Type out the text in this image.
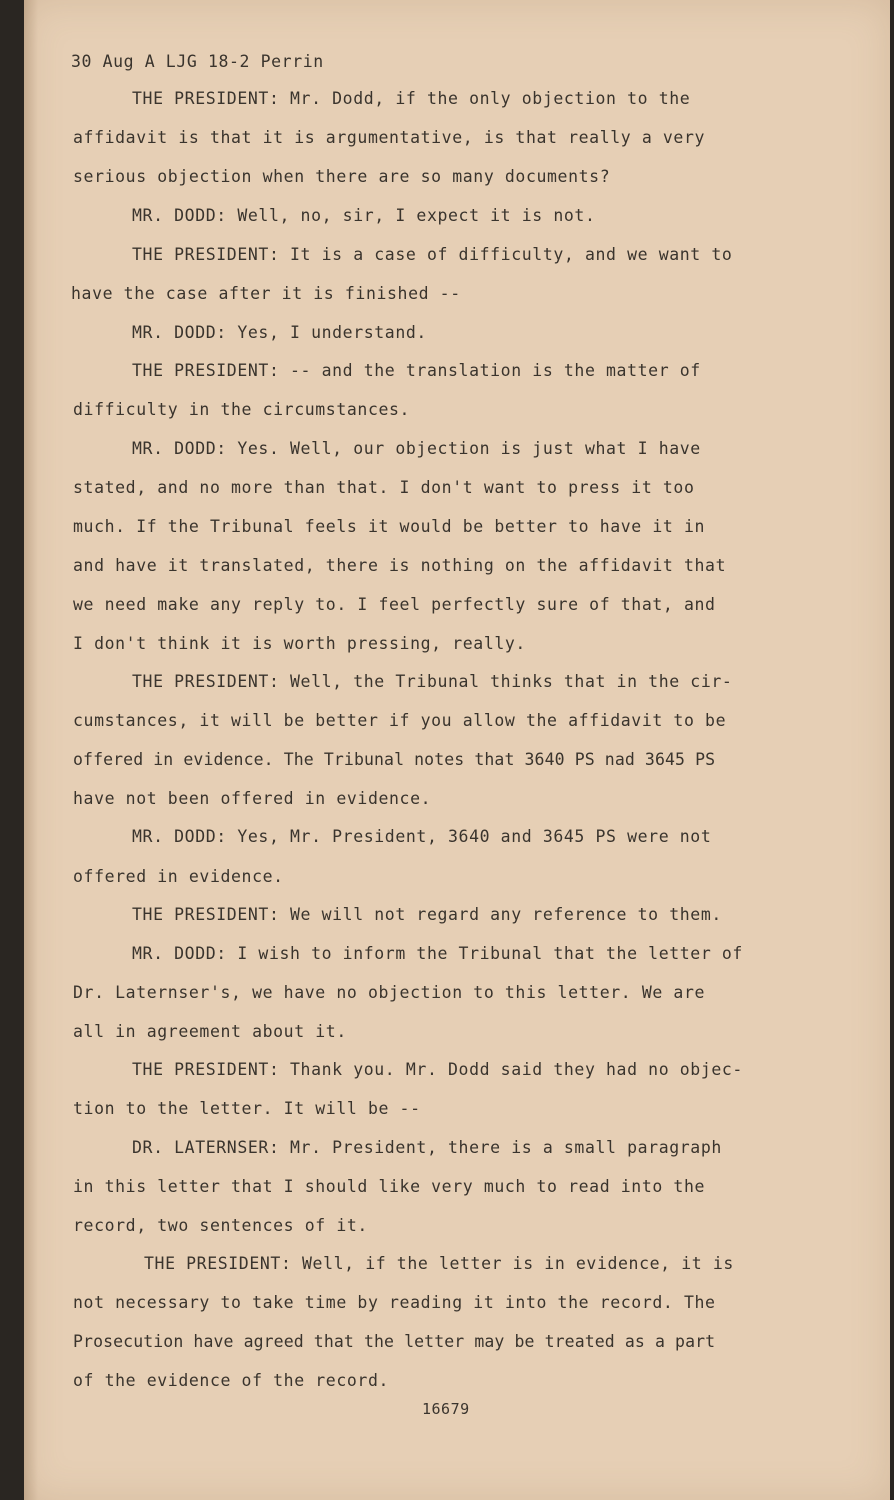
30 Aug A LJG 18-2 Perrin
THE PRESIDENT: Mr. Dodd, if the only objection to the
affidavit is that it is argumentative, is that really a very
serious objection when there are so many documents?
MR. DODD: Well, no, sir, I expect it is not.
THE PRESIDENT: It is a case of difficulty, and we want to
have the case after it is finished --
MR. DODD: Yes, I understand.
THE PRESIDENT: -- and the translation is the matter of
difficulty in the circumstances.
MR. DODD: Yes. Well, our objection is just what I have
stated, and no more than that. I don't want to press it too
much. If the Tribunal feels it would be better to have it in
and have it translated, there is nothing on the affidavit that
we need make any reply to. I feel perfectly sure of that, and
I don't think it is worth pressing, really.
THE PRESIDENT: Well, the Tribunal thinks that in the cir-
cumstances, it will be better if you allow the affidavit to be
offered in evidence. The Tribunal notes that 3640 PS nad 3645 PS
have not been offered in evidence.
MR. DODD: Yes, Mr. President, 3640 and 3645 PS were not
offered in evidence.
THE PRESIDENT: We will not regard any reference to them.
MR. DODD: I wish to inform the Tribunal that the letter of
Dr. Laternser's, we have no objection to this letter. We are
all in agreement about it.
THE PRESIDENT: Thank you. Mr. Dodd said they had no objec-
tion to the letter. It will be --
DR. LATERNSER: Mr. President, there is a small paragraph
in this letter that I should like very much to read into the
record, two sentences of it.
THE PRESIDENT: Well, if the letter is in evidence, it is
not necessary to take time by reading it into the record. The
Prosecution have agreed that the letter may be treated as a part
of the evidence of the record.
16679
